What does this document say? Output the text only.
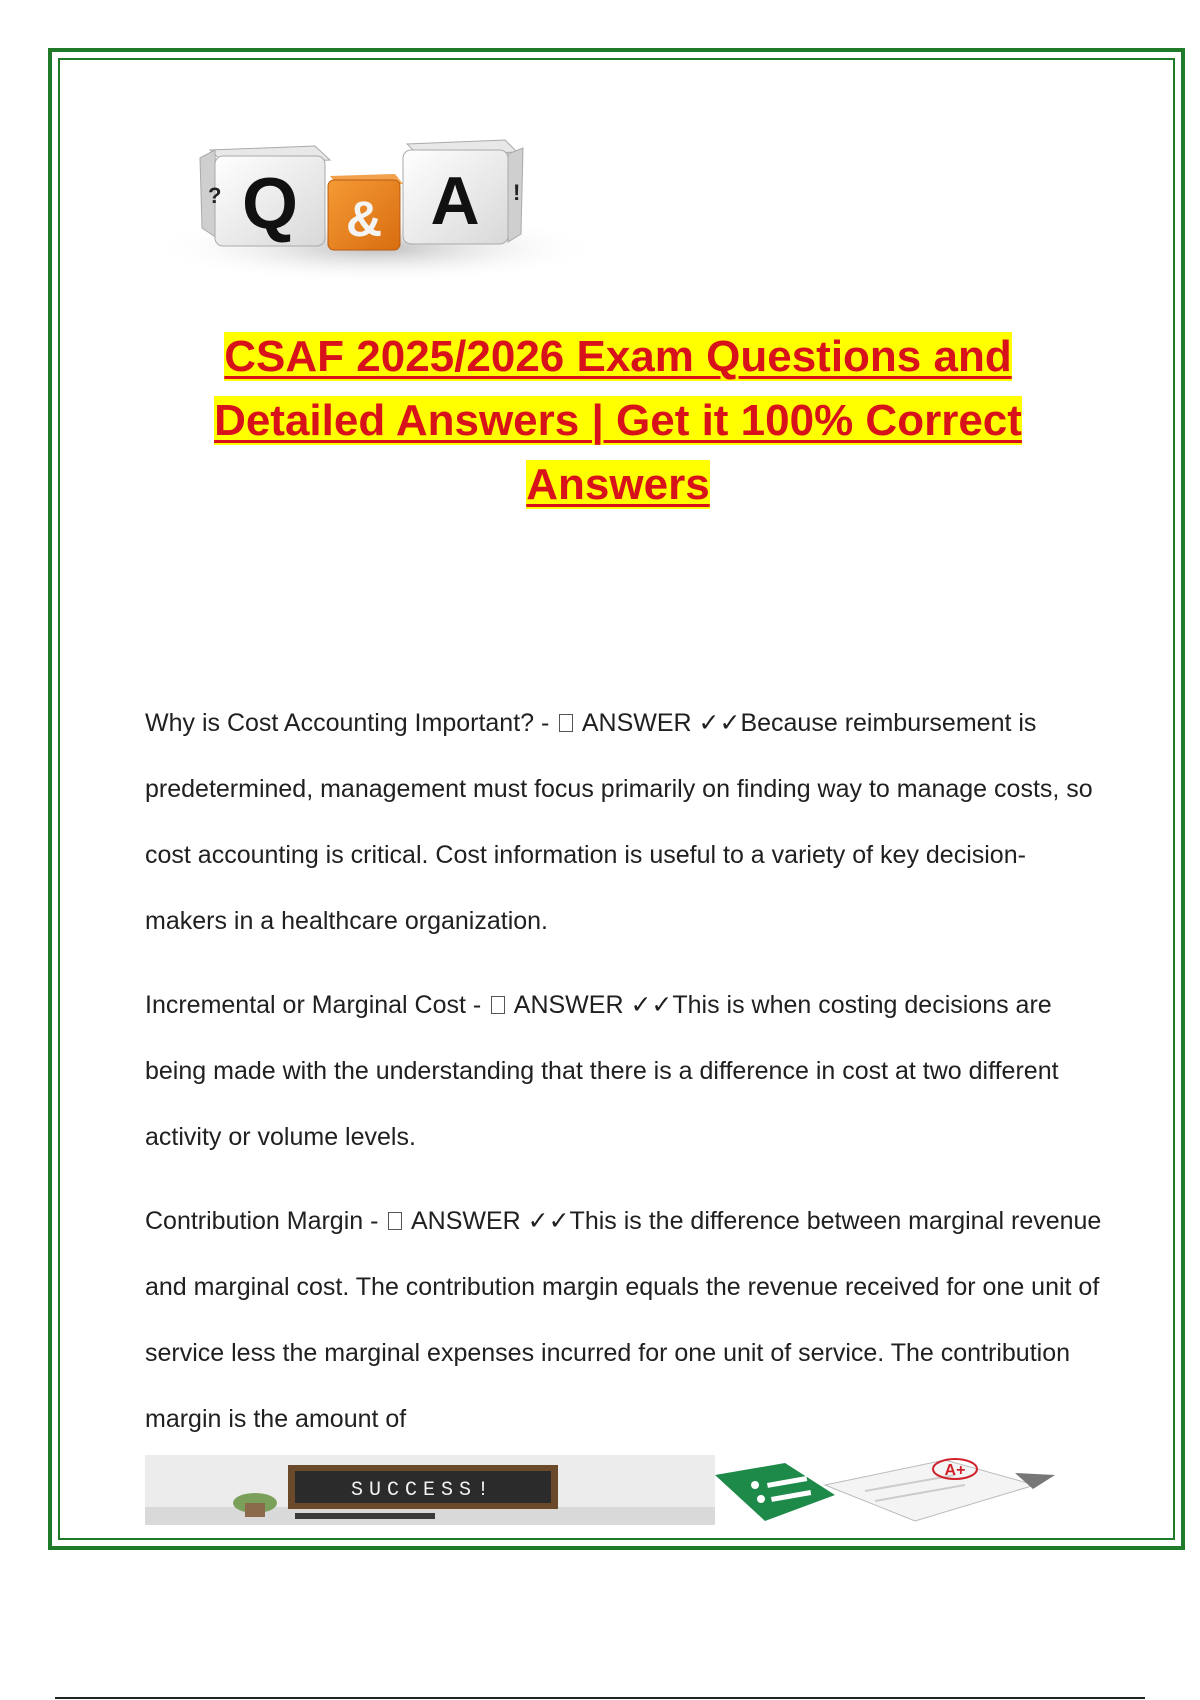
Q
? & A !
CSAF 2025/2026 Exam Questions and
Detailed Answers | Get it 100% Correct
Answers

Why is Cost Accounting Important? - ANSWER ✓✓Because reimbursement is predetermined, management must focus primarily on finding way to manage costs, so cost accounting is critical. Cost information is useful to a variety of key decision-makers in a healthcare organization.

Incremental or Marginal Cost - ANSWER ✓✓This is when costing decisions are being made with the understanding that there is a difference in cost at two different activity or volume levels.

Contribution Margin - ANSWER ✓✓This is the difference between marginal revenue and marginal cost. The contribution margin equals the revenue received for one unit of service less the marginal expenses incurred for one unit of service. The contribution margin is the amount of

SUCCESS!
A+
